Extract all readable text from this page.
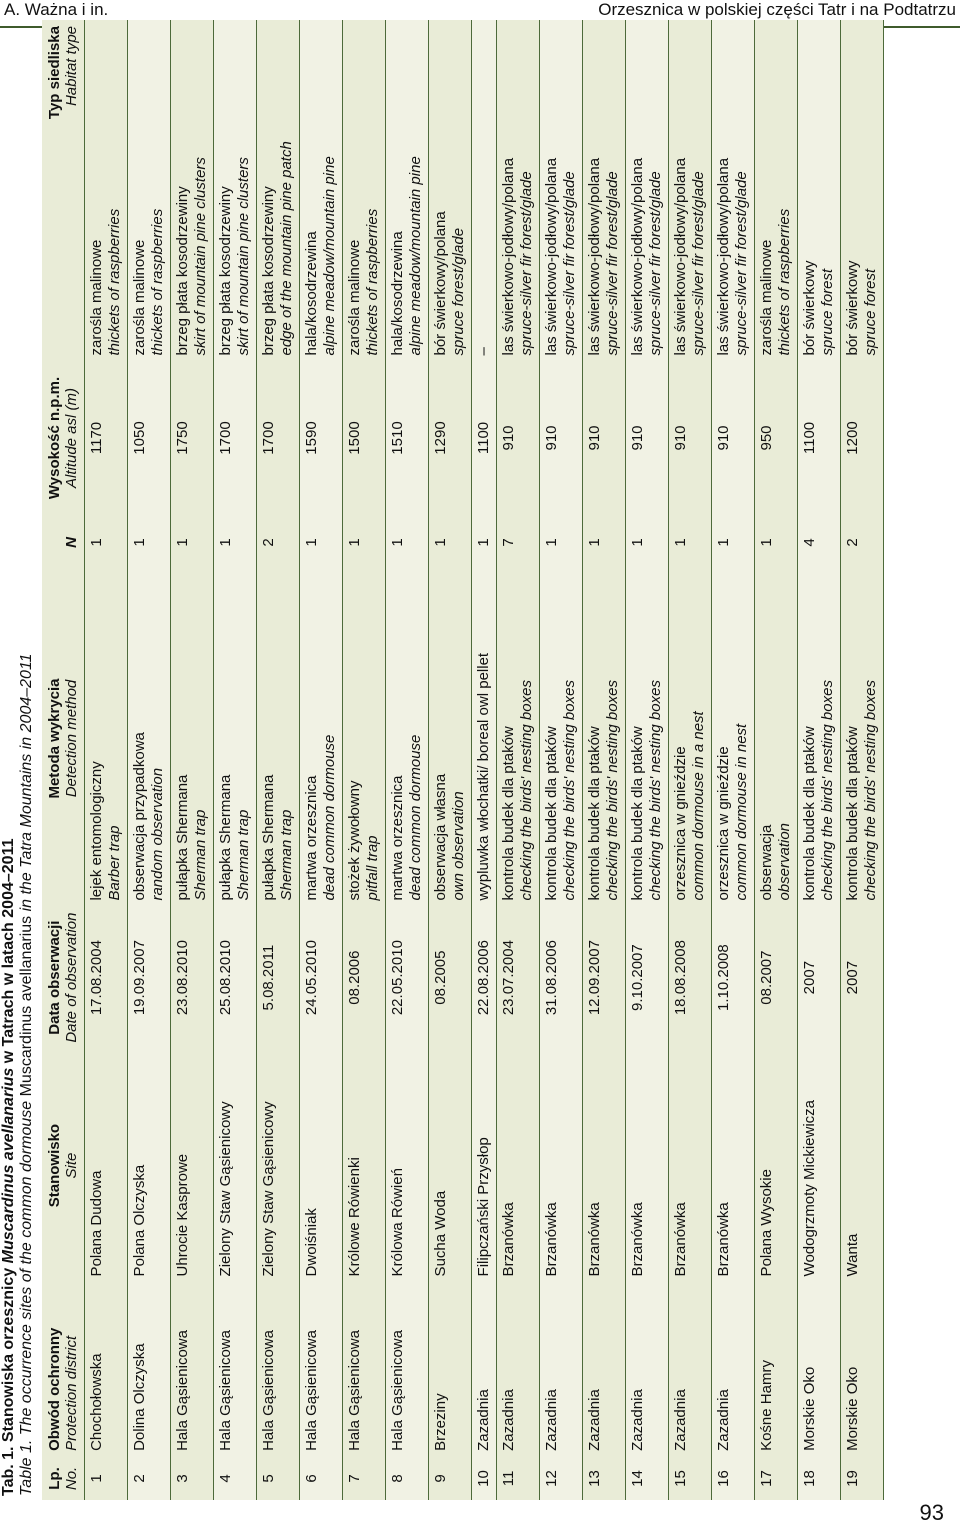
A. Ważna i in.	Orzesznica w polskiej części Tatr i na Podtatrzu
Tab. 1. Stanowiska orzesznicy Muscardinus avellanarius w Tatrach w latach 2004–2011
Table 1. The occurrence sites of the common dormouse Muscardinus avellanarius in the Tatra Mountains in 2004–2011
Lp. No.	Obwód ochronny Protection district	Stanowisko Site	Data obserwacji Date of observation	Metoda wykrycia Detection method	N	Wysokość n.p.m. Altitude asl (m)	Typ siedliska Habitat type

1	Chochołowska	Polana Dudowa	17.08.2004	lejek entomologiczny Barber trap	1	1170	zarośla malinowe thickets of raspberries

2	Dolina Olczyska	Polana Olczyska	19.09.2007	obserwacja przypadkowa random observation	1	1050	zarośla malinowe thickets of raspberries

3	Hala Gąsienicowa	Uhrocie Kasprowe	23.08.2010	pułapka Shermana Sherman trap	1	1750	brzeg płata kosodrzewiny skirt of mountain pine clusters

4	Hala Gąsienicowa	Zielony Staw Gąsienicowy	25.08.2010	pułapka Shermana Sherman trap	1	1700	brzeg płata kosodrzewiny skirt of mountain pine clusters

5	Hala Gąsienicowa	Zielony Staw Gąsienicowy	5.08.2011	pułapka Shermana Sherman trap	2	1700	brzeg płata kosodrzewiny edge of the mountain pine patch

6	Hala Gąsienicowa	Dwoiśniak	24.05.2010	martwa orzesznica dead common dormouse	1	1590	hala/kosodrzewina alpine meadow/mountain pine

7	Hala Gąsienicowa	Królowe Rówienki	08.2006	stożek żywołowny pitfall trap	1	1500	zarośla malinowe thickets of raspberries

8	Hala Gąsienicowa	Królowa Rówień	22.05.2010	martwa orzesznica dead common dormouse	1	1510	hala/kosodrzewina alpine meadow/mountain pine

9	Brzeziny	Sucha Woda	08.2005	obserwacja własna own observation	1	1290	bór świerkowy/polana spruce forest/glade

10	Zazadnia	Filipczański Przysłop	22.08.2006	wypluwka włochatki/ boreal owl pellet	1	1100	–

11	Zazadnia	Brzanówka	23.07.2004	kontrola budek dla ptaków checking the birds' nesting boxes	7	910	las świerkowo-jodłowy/polana spruce-silver fir forest/glade

12	Zazadnia	Brzanówka	31.08.2006	kontrola budek dla ptaków checking the birds' nesting boxes	1	910	las świerkowo-jodłowy/polana spruce-silver fir forest/glade

13	Zazadnia	Brzanówka	12.09.2007	kontrola budek dla ptaków checking the birds' nesting boxes	1	910	las świerkowo-jodłowy/polana spruce-silver fir forest/glade

14	Zazadnia	Brzanówka	9.10.2007	kontrola budek dla ptaków checking the birds' nesting boxes	1	910	las świerkowo-jodłowy/polana spruce-silver fir forest/glade

15	Zazadnia	Brzanówka	18.08.2008	orzesznica w gnieździe common dormouse in a nest	1	910	las świerkowo-jodłowy/polana spruce-silver fir forest/glade

16	Zazadnia	Brzanówka	1.10.2008	orzesznica w gnieździe common dormouse in nest	1	910	las świerkowo-jodłowy/polana spruce-silver fir forest/glade

17	Kośne Hamry	Polana Wysokie	08.2007	obserwacja observation	1	950	zarośla malinowe thickets of raspberries

18	Morskie Oko	Wodogrzmoty Mickiewicza	2007	kontrola budek dla ptaków checking the birds' nesting boxes	4	1100	bór świerkowy spruce forest

19	Morskie Oko	Wanta	2007	kontrola budek dla ptaków checking the birds' nesting boxes	2	1200	bór świerkowy spruce forest
93
